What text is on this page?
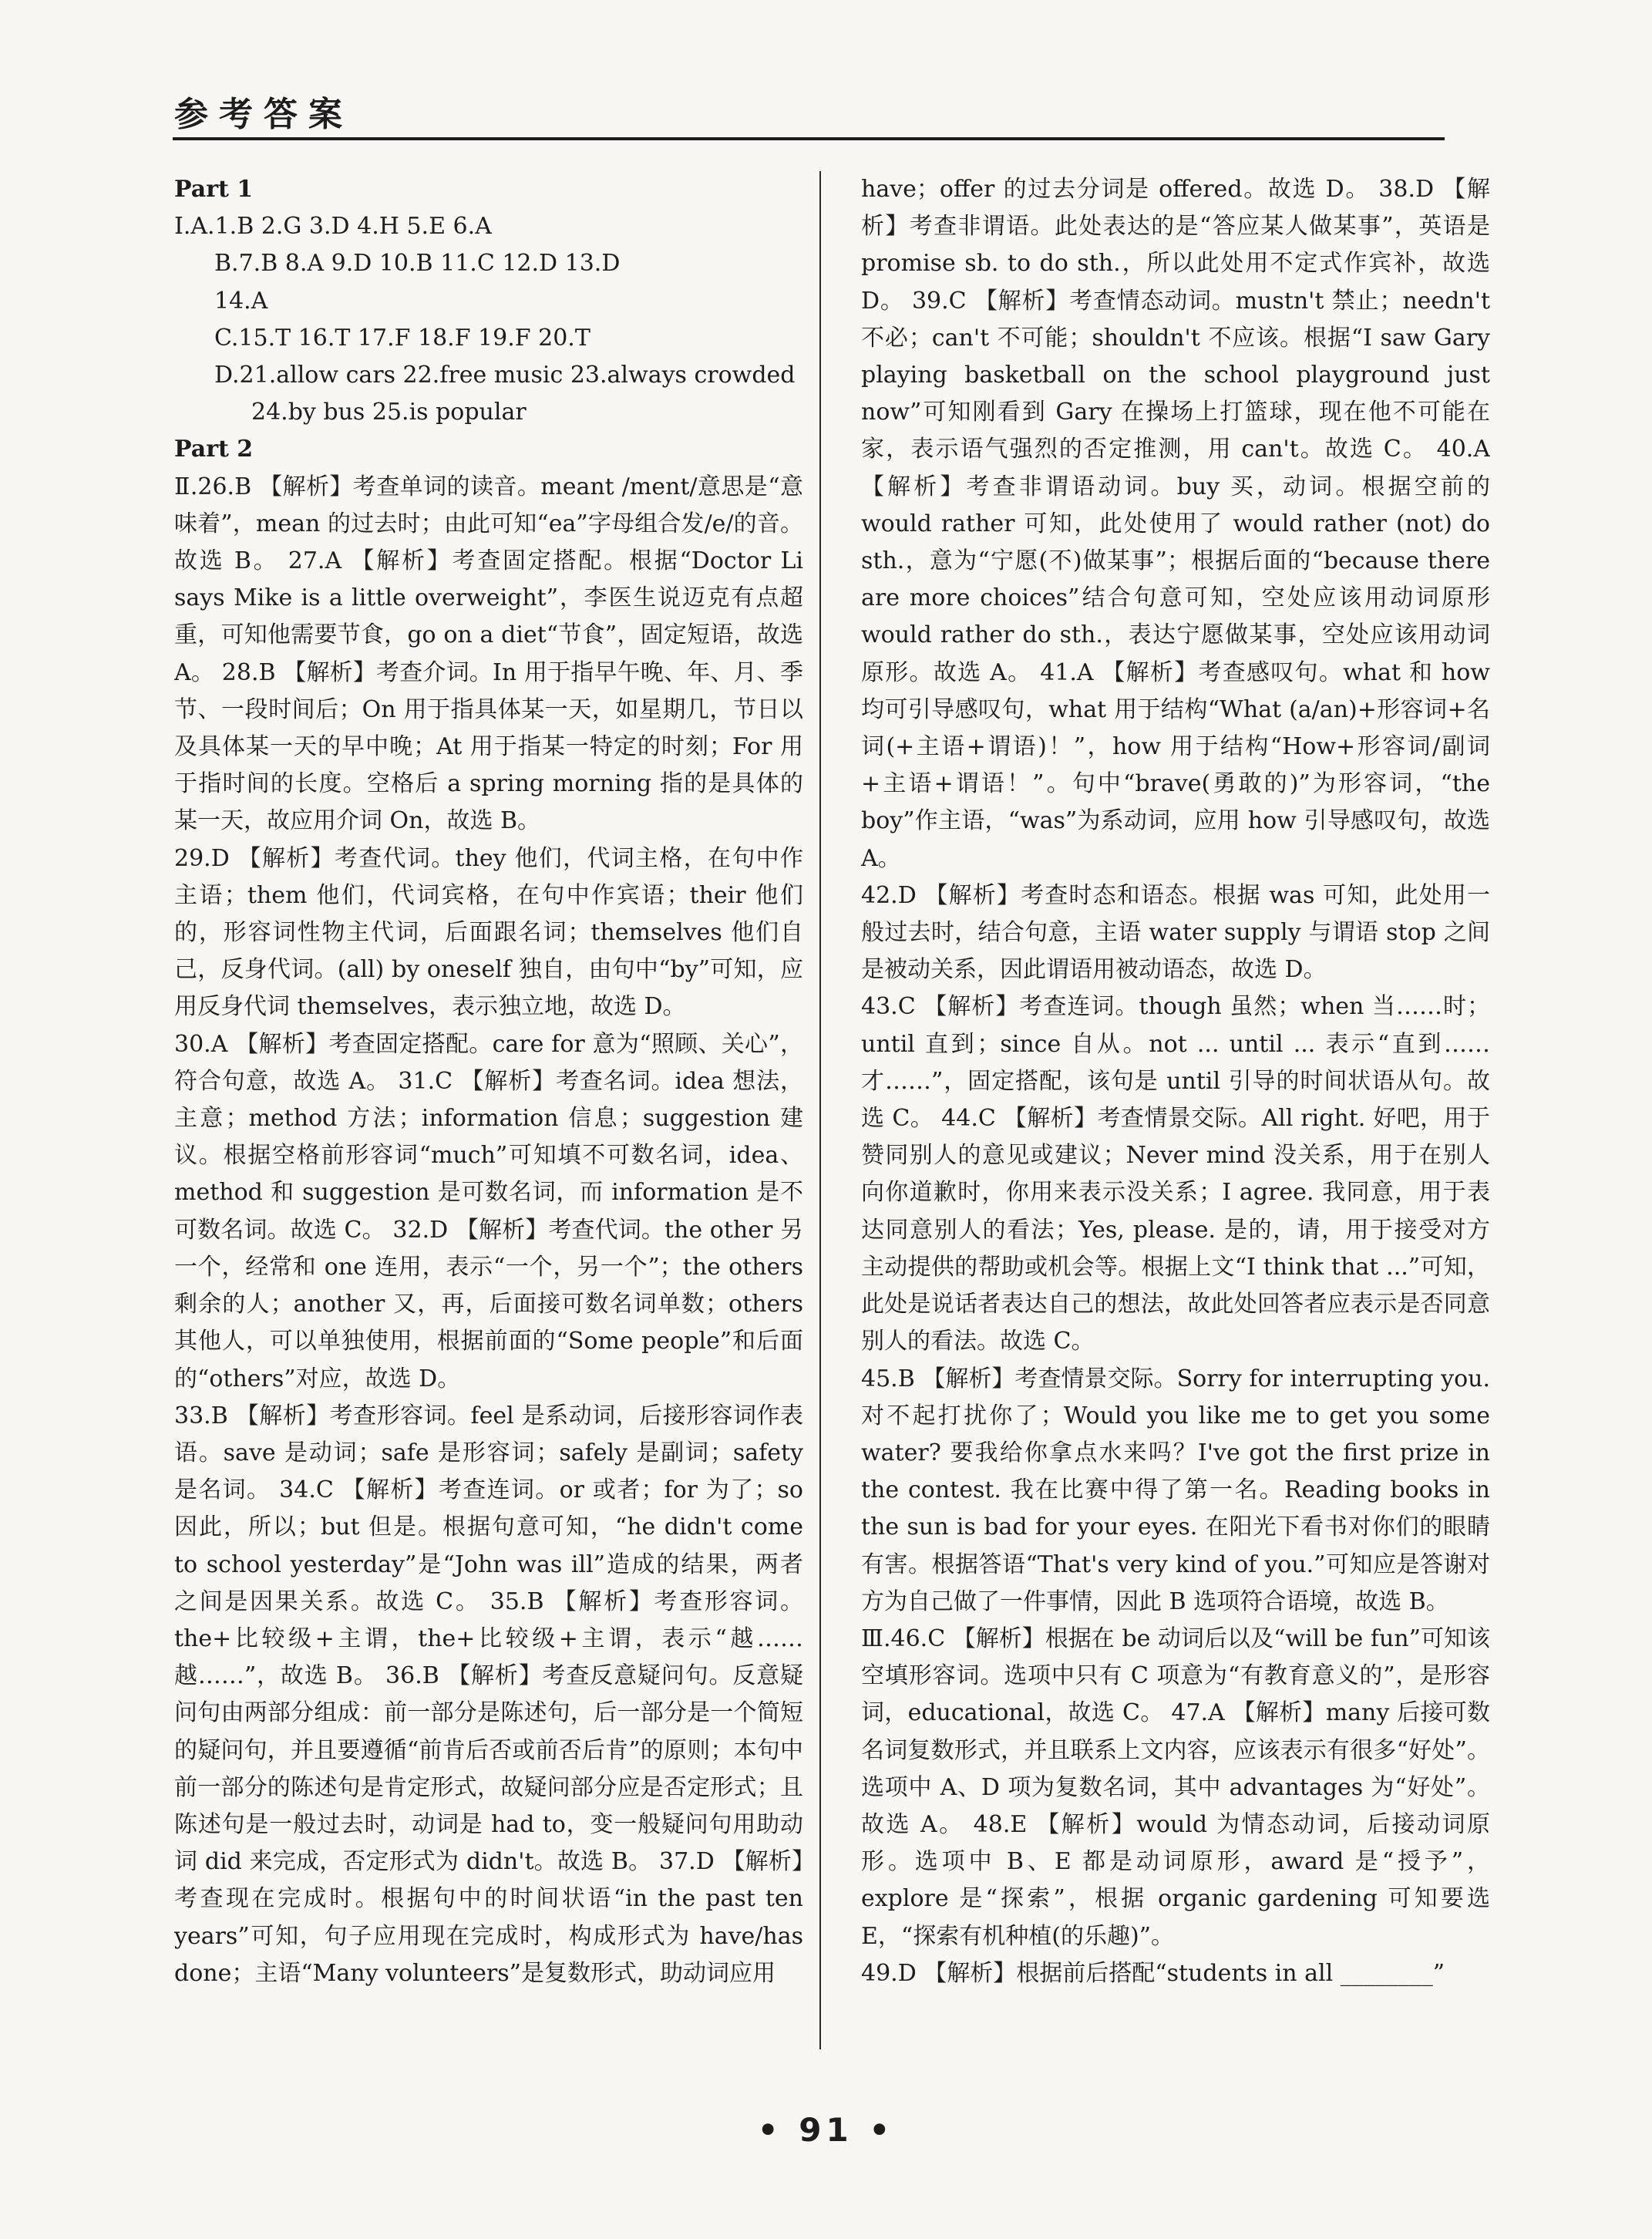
参考答案

Part 1

Ⅰ.A.1.B 2.G 3.D 4.H 5.E 6.A

B.7.B 8.A 9.D 10.B 11.C 12.D 13.D

14.A

C.15.T 16.T 17.F 18.F 19.F 20.T

D.21.allow cars 22.free music 23.always crowded

24.by bus 25.is popular

Part 2

Ⅱ.26.B 【解析】考查单词的读音。meant /ment/意思是“意味着”，mean 的过去时；由此可知“ea”字母组合发/e/的音。故选 B。 27.A 【解析】考查固定搭配。根据“Doctor Li says Mike is a little overweight”，李医生说迈克有点超重，可知他需要节食，go on a diet“节食”，固定短语，故选 A。 28.B 【解析】考查介词。In 用于指早午晚、年、月、季节、一段时间后；On 用于指具体某一天，如星期几，节日以及具体某一天的早中晚；At 用于指某一特定的时刻；For 用于指时间的长度。空格后 a spring morning 指的是具体的某一天，故应用介词 On，故选 B。

29.D 【解析】考查代词。they 他们，代词主格，在句中作主语；them 他们，代词宾格，在句中作宾语；their 他们的，形容词性物主代词，后面跟名词；themselves 他们自己，反身代词。(all) by oneself 独自，由句中“by”可知，应用反身代词 themselves，表示独立地，故选 D。

30.A 【解析】考查固定搭配。care for 意为“照顾、关心”，符合句意，故选 A。 31.C 【解析】考查名词。idea 想法，主意；method 方法；information 信息；suggestion 建议。根据空格前形容词“much”可知填不可数名词，idea、method 和 suggestion 是可数名词，而 information 是不可数名词。故选 C。 32.D 【解析】考查代词。the other 另一个，经常和 one 连用，表示“一个，另一个”；the others 剩余的人；another 又，再，后面接可数名词单数；others 其他人，可以单独使用，根据前面的“Some people”和后面的“others”对应，故选 D。

33.B 【解析】考查形容词。feel 是系动词，后接形容词作表语。save 是动词；safe 是形容词；safely 是副词；safety 是名词。 34.C 【解析】考查连词。or 或者；for 为了；so 因此，所以；but 但是。根据句意可知，“he didn't come to school yesterday”是“John was ill”造成的结果，两者之间是因果关系。故选 C。 35.B 【解析】考查形容词。the+比较级+主谓，the+比较级+主谓，表示“越……越……”，故选 B。 36.B 【解析】考查反意疑问句。反意疑问句由两部分组成：前一部分是陈述句，后一部分是一个简短的疑问句，并且要遵循“前肯后否或前否后肯”的原则；本句中前一部分的陈述句是肯定形式，故疑问部分应是否定形式；且陈述句是一般过去时，动词是 had to，变一般疑问句用助动词 did 来完成，否定形式为 didn't。故选 B。 37.D 【解析】考查现在完成时。根据句中的时间状语“in the past ten years”可知，句子应用现在完成时，构成形式为 have/has done；主语“Many volunteers”是复数形式，助动词应用

have；offer 的过去分词是 offered。故选 D。 38.D 【解析】考查非谓语。此处表达的是“答应某人做某事”，英语是 promise sb. to do sth.，所以此处用不定式作宾补，故选 D。 39.C 【解析】考查情态动词。mustn't 禁止；needn't 不必；can't 不可能；shouldn't 不应该。根据“I saw Gary playing basketball on the school playground just now”可知刚看到 Gary 在操场上打篮球，现在他不可能在家，表示语气强烈的否定推测，用 can't。故选 C。 40.A 【解析】考查非谓语动词。buy 买，动词。根据空前的 would rather 可知，此处使用了 would rather (not) do sth.，意为“宁愿(不)做某事”；根据后面的“because there are more choices”结合句意可知，空处应该用动词原形 would rather do sth.，表达宁愿做某事，空处应该用动词原形。故选 A。 41.A 【解析】考查感叹句。what 和 how 均可引导感叹句，what 用于结构“What (a/an)+形容词+名词(+主语+谓语)！”，how 用于结构“How+形容词/副词+主语+谓语！”。句中“brave(勇敢的)”为形容词，“the boy”作主语，“was”为系动词，应用 how 引导感叹句，故选 A。

42.D 【解析】考查时态和语态。根据 was 可知，此处用一般过去时，结合句意，主语 water supply 与谓语 stop 之间是被动关系，因此谓语用被动语态，故选 D。

43.C 【解析】考查连词。though 虽然；when 当……时；until 直到；since 自从。not ... until ... 表示“直到……才……”，固定搭配，该句是 until 引导的时间状语从句。故选 C。 44.C 【解析】考查情景交际。All right. 好吧，用于赞同别人的意见或建议；Never mind 没关系，用于在别人向你道歉时，你用来表示没关系；I agree. 我同意，用于表达同意别人的看法；Yes, please. 是的，请，用于接受对方主动提供的帮助或机会等。根据上文“I think that ...”可知，此处是说话者表达自己的想法，故此处回答者应表示是否同意别人的看法。故选 C。

45.B 【解析】考查情景交际。Sorry for interrupting you. 对不起打扰你了；Would you like me to get you some water? 要我给你拿点水来吗？I've got the first prize in the contest. 我在比赛中得了第一名。Reading books in the sun is bad for your eyes. 在阳光下看书对你们的眼睛有害。根据答语“That's very kind of you.”可知应是答谢对方为自己做了一件事情，因此 B 选项符合语境，故选 B。

Ⅲ.46.C 【解析】根据在 be 动词后以及“will be fun”可知该空填形容词。选项中只有 C 项意为“有教育意义的”，是形容词，educational，故选 C。 47.A 【解析】many 后接可数名词复数形式，并且联系上文内容，应该表示有很多“好处”。选项中 A、D 项为复数名词，其中 advantages 为“好处”。故选 A。 48.E 【解析】would 为情态动词，后接动词原形。选项中 B、E 都是动词原形，award 是“授予”，explore 是“探索”，根据 organic gardening 可知要选 E，“探索有机种植(的乐趣)”。

49.D 【解析】根据前后搭配“students in all ________”

• 91 •
